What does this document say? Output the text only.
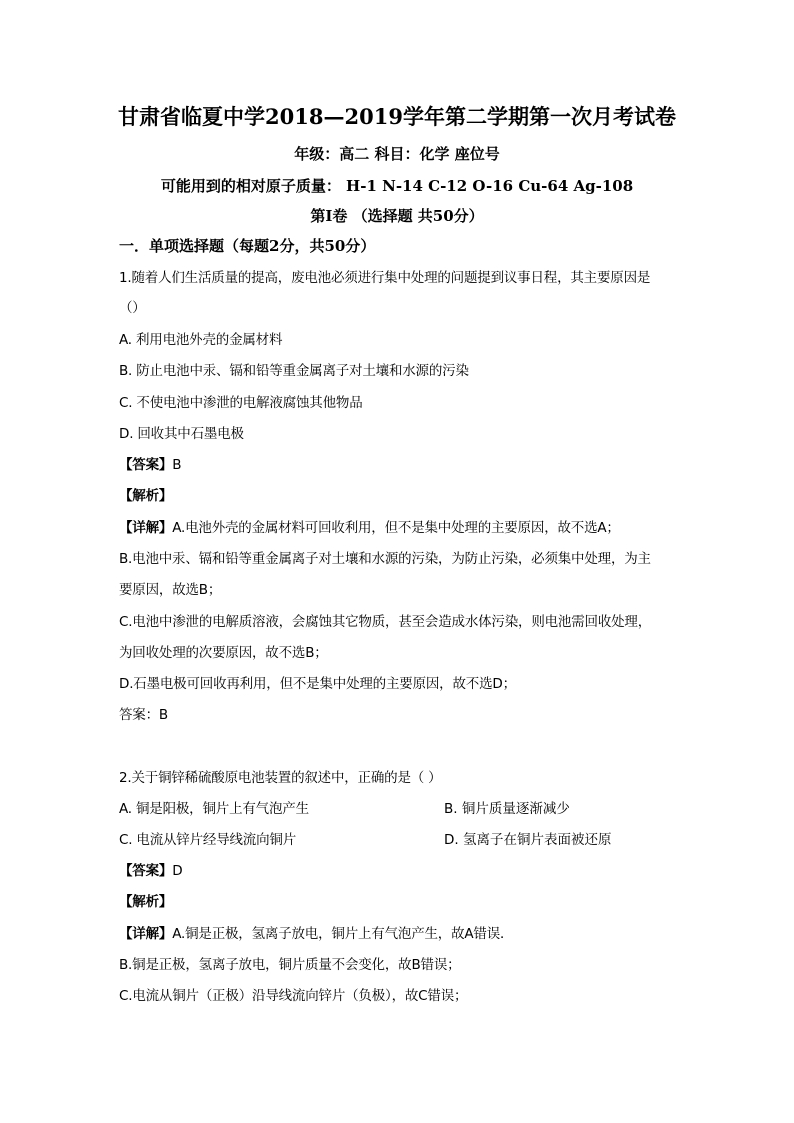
甘肃省临夏中学2018—2019学年第二学期第一次月考试卷
年级：高二 科目：化学 座位号
可能用到的相对原子质量： H-1 N-14 C-12 O-16 Cu-64 Ag-108
第Ⅰ卷 （选择题 共50分）
一．单项选择题（每题2分，共50分）
1.随着人们生活质量的提高，废电池必须进行集中处理的问题提到议事日程，其主要原因是
（）
A. 利用电池外壳的金属材料
B. 防止电池中汞、镉和铅等重金属离子对土壤和水源的污染
C. 不使电池中渗泄的电解液腐蚀其他物品
D. 回收其中石墨电极
【答案】B
【解析】
【详解】A.电池外壳的金属材料可回收利用，但不是集中处理的主要原因，故不选A；
B.电池中汞、镉和铅等重金属离子对土壤和水源的污染，为防止污染，必须集中处理，为主
要原因，故选B；
C.电池中渗泄的电解质溶液，会腐蚀其它物质，甚至会造成水体污染，则电池需回收处理，
为回收处理的次要原因，故不选B；
D.石墨电极可回收再利用，但不是集中处理的主要原因，故不选D；
答案：B
2.关于铜锌稀硫酸原电池装置的叙述中，正确的是（ ）
A. 铜是阳极，铜片上有气泡产生	B. 铜片质量逐渐减少
C. 电流从锌片经导线流向铜片	D. 氢离子在铜片表面被还原
【答案】D
【解析】
【详解】A.铜是正极，氢离子放电，铜片上有气泡产生，故A错误．
B.铜是正极，氢离子放电，铜片质量不会变化，故B错误；
C.电流从铜片（正极）沿导线流向锌片（负极），故C错误；
